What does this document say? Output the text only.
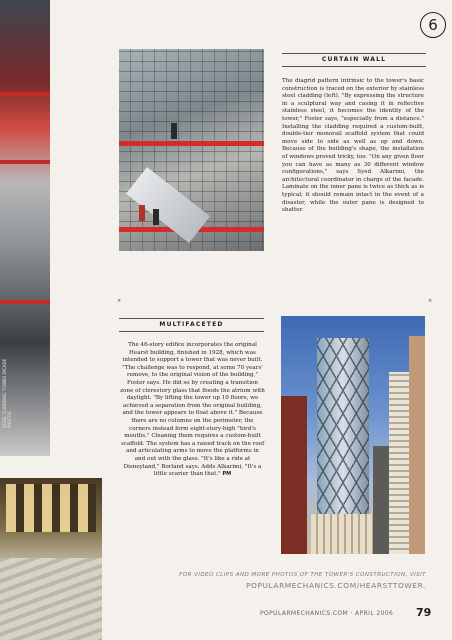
STEEL CLADDING, TOWER FACADE PHOTOS
6
CURTAIN WALL
The diagrid pattern intrinsic to the tower's basic construction is traced on the exterior by stainless steel cladding (left). "By expressing the structure in a sculptural way and casing it in reflective stainless steel, it becomes the identity of the tower," Foster says, "especially from a distance." Installing the cladding required a custom-built, double-tier monorail scaffold system that could move side to side as well as up and down. Because of the building's shape, the installation of windows proved tricky, too. "On any given floor you can have as many as 30 different window configurations," says Syed Alkarimi, the architectural coordinator in charge of the facade. Laminate on the inner pane is twice as thick as is typical; it should remain intact in the event of a disaster, while the outer pane is designed to shatter.
×	×
MULTIFACETED
The 46-story edifice incorporates the original Hearst building, finished in 1928, which was intended to support a tower that was never built. "The challenge was to respond, at some 70 years' remove, to the original vision of the building," Foster says. He did so by creating a transition zone of clerestory glass that floods the atrium with daylight. "By lifting the tower up 10 floors, we achieved a separation from the original building, and the tower appears to float above it." Because there are no columns on the perimeter, the corners instead form eight-story-high "bird's mouths." Cleaning them requires a custom-built scaffold. The system has a raised track on the roof and articulating arms to move the platforms in and out with the glass. "It's like a ride at Disneyland," Borland says. Adds Alkarimi, "It's a little scarier than that." PM
FOR VIDEO CLIPS AND MORE PHOTOS OF THE TOWER'S CONSTRUCTION, VISIT
POPULARMECHANICS.COM/HEARSTTOWER.
POPULARMECHANICS.COM · APRIL 2006 79
